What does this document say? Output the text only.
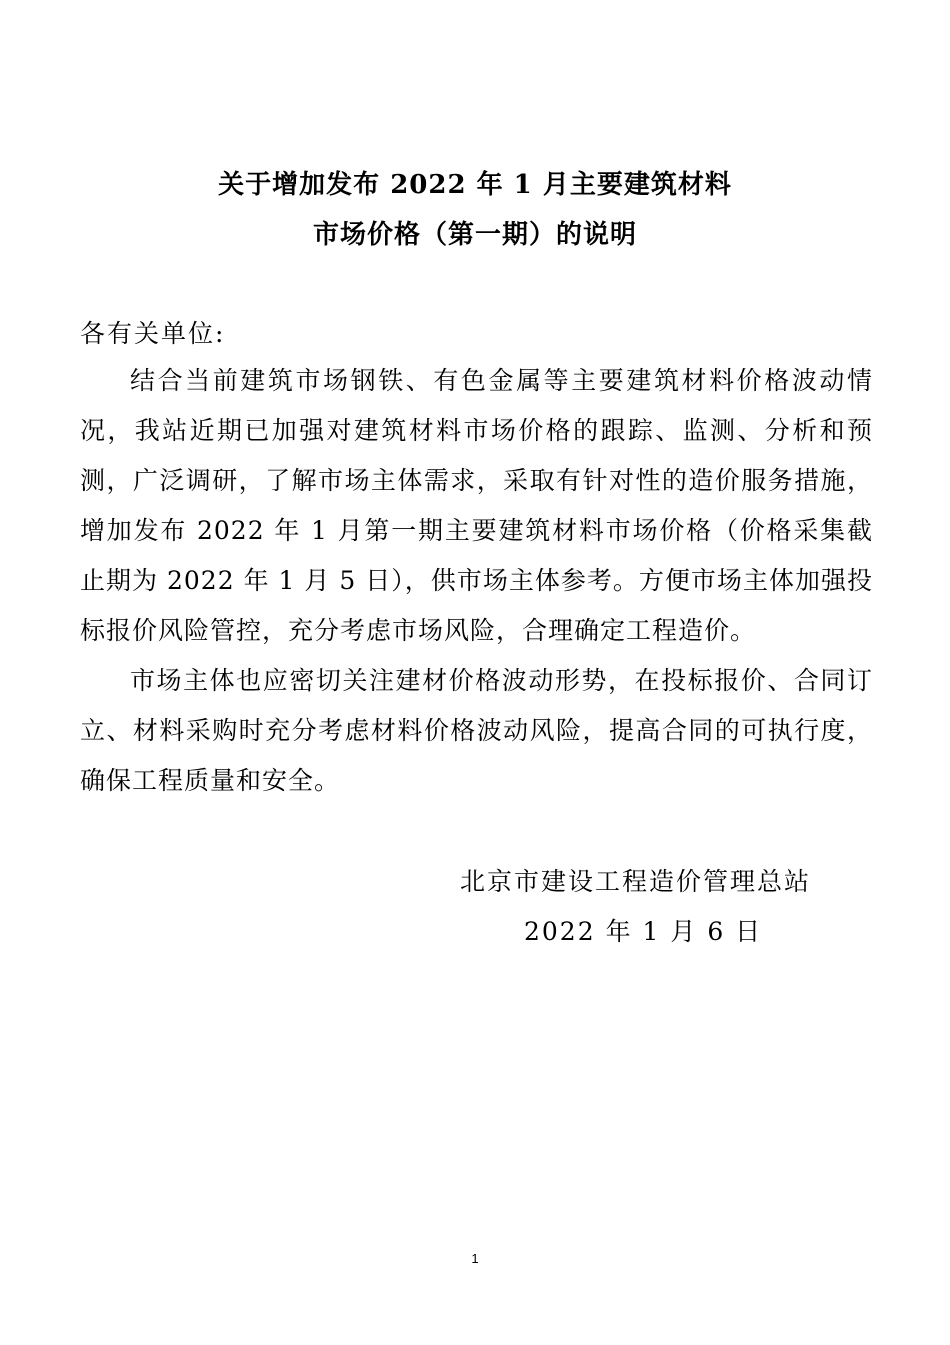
关于增加发布 2022 年 1 月主要建筑材料
市场价格（第一期）的说明
各有关单位:

结合当前建筑市场钢铁、有色金属等主要建筑材料价格波动情况，我站近期已加强对建筑材料市场价格的跟踪、监测、分析和预测，广泛调研，了解市场主体需求，采取有针对性的造价服务措施，增加发布 2022 年 1 月第一期主要建筑材料市场价格（价格采集截止期为 2022 年 1 月 5 日），供市场主体参考。方便市场主体加强投标报价风险管控，充分考虑市场风险，合理确定工程造价。

市场主体也应密切关注建材价格波动形势，在投标报价、合同订立、材料采购时充分考虑材料价格波动风险，提高合同的可执行度，确保工程质量和安全。

北京市建设工程造价管理总站
2022 年 1 月 6 日
1
